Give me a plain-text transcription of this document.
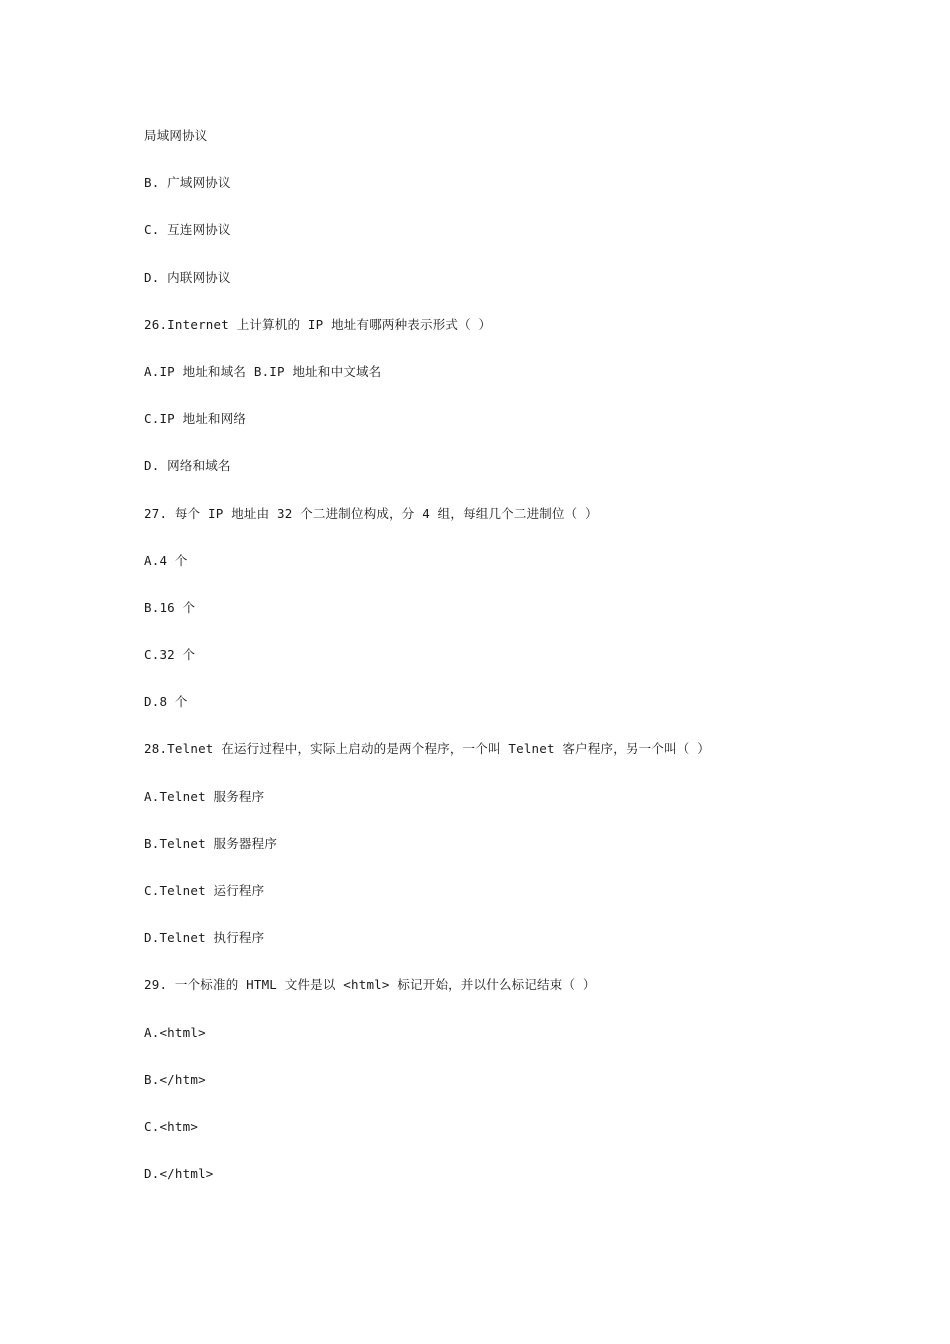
局域网协议
B. 广域网协议
C. 互连网协议
D. 内联网协议
26.Internet 上计算机的 IP 地址有哪两种表示形式（ ）
A.IP 地址和域名 B.IP 地址和中文域名
C.IP 地址和网络
D. 网络和域名
27. 每个 IP 地址由 32 个二进制位构成，分 4 组，每组几个二进制位（ ）
A.4 个
B.16 个
C.32 个
D.8 个
28.Telnet 在运行过程中，实际上启动的是两个程序，一个叫 Telnet 客户程序，另一个叫（ ）
A.Telnet 服务程序
B.Telnet 服务器程序
C.Telnet 运行程序
D.Telnet 执行程序
29. 一个标准的 HTML 文件是以 <html> 标记开始，并以什么标记结束（ ）
A.<html>
B.</htm>
C.<htm>
D.</html>
